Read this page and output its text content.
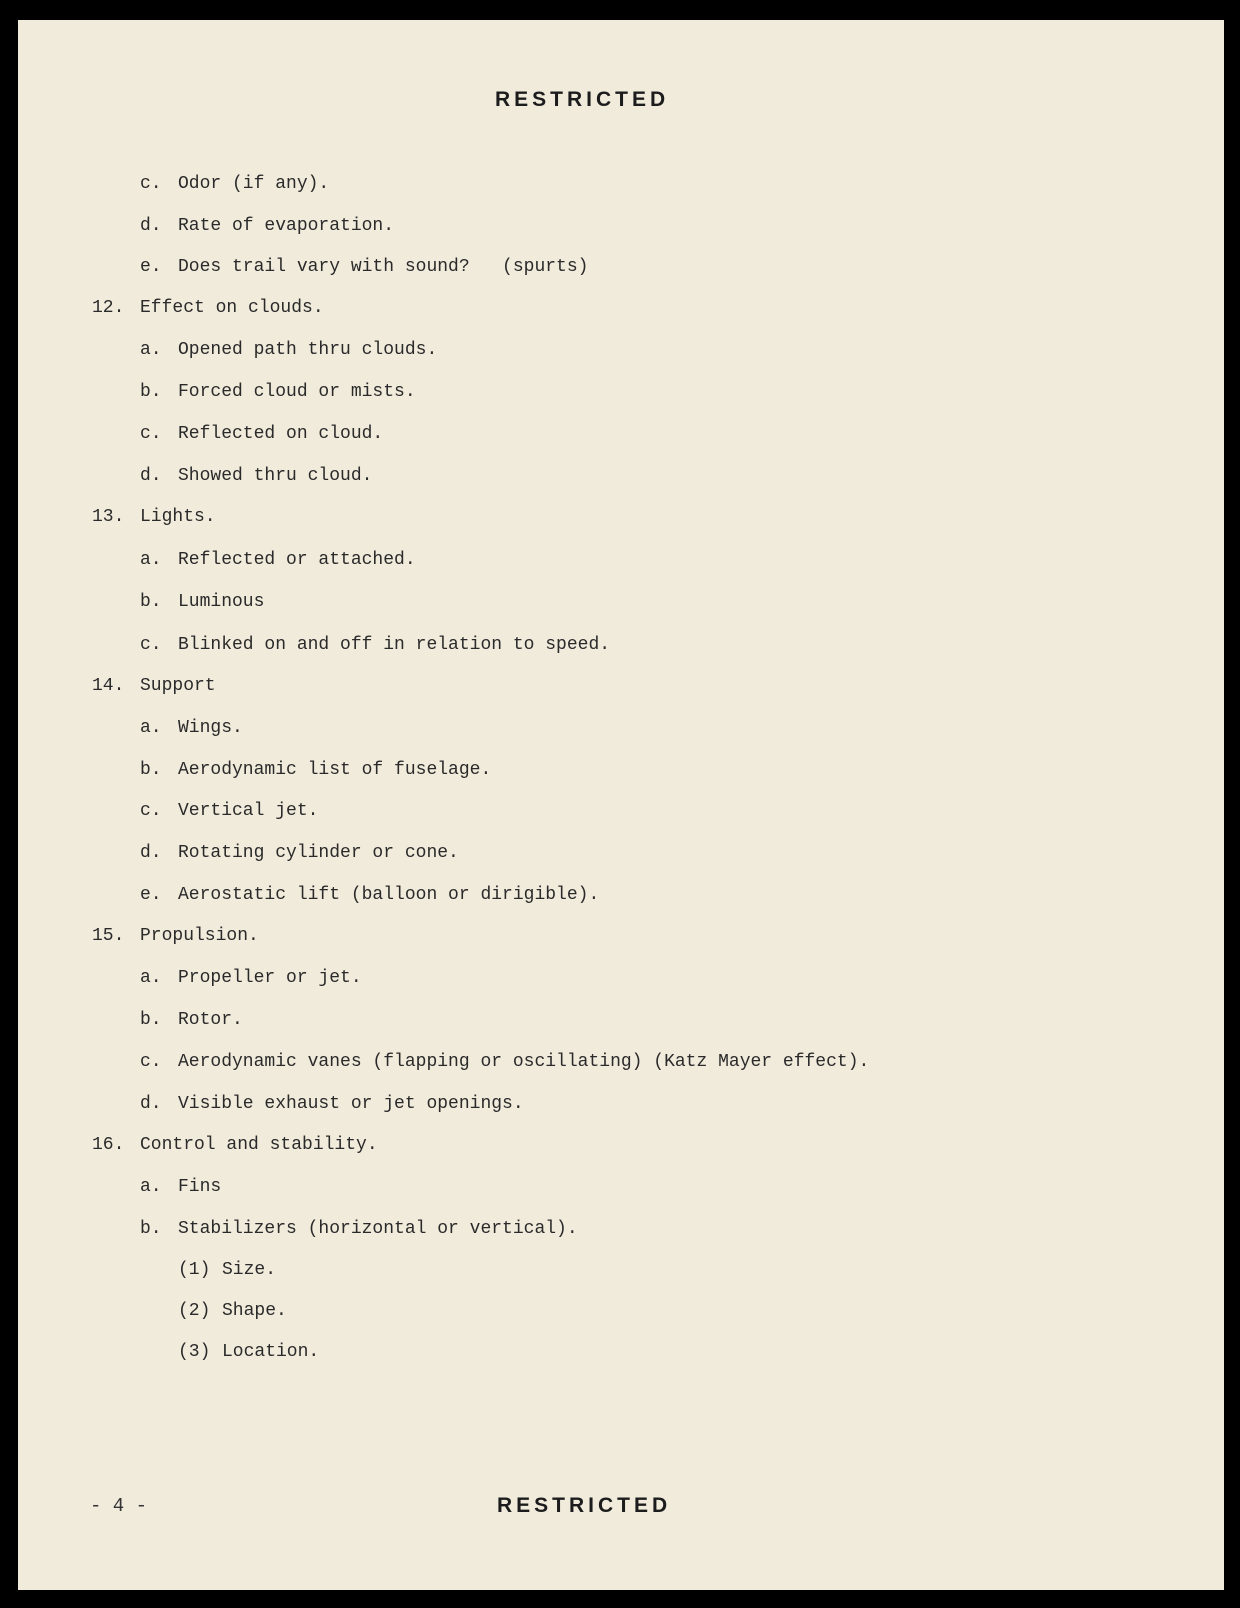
RESTRICTED
c. Odor (if any).
d. Rate of evaporation.
e. Does trail vary with sound?   (spurts)
12. Effect on clouds.
a. Opened path thru clouds.
b. Forced cloud or mists.
c. Reflected on cloud.
d. Showed thru cloud.
13. Lights.
a. Reflected or attached.
b. Luminous
c. Blinked on and off in relation to speed.
14. Support
a. Wings.
b. Aerodynamic list of fuselage.
c. Vertical jet.
d. Rotating cylinder or cone.
e. Aerostatic lift (balloon or dirigible).
15. Propulsion.
a. Propeller or jet.
b. Rotor.
c. Aerodynamic vanes (flapping or oscillating) (Katz Mayer effect).
d. Visible exhaust or jet openings.
16. Control and stability.
a. Fins
b. Stabilizers (horizontal or vertical).
(1) Size.
(2) Shape.
(3) Location.
- 4 -	RESTRICTED
